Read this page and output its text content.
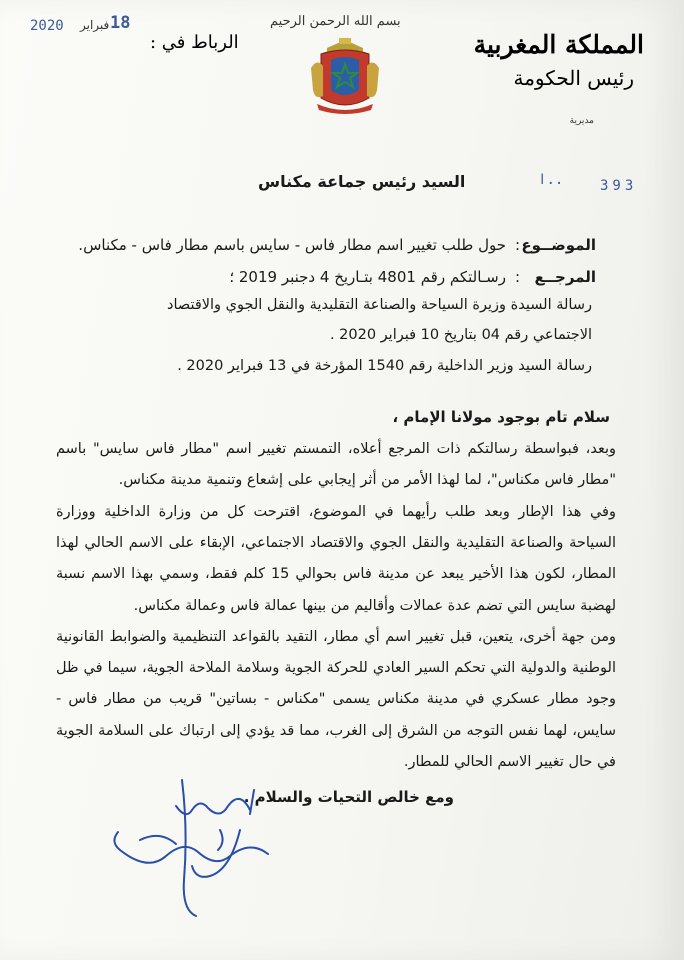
المملكة المغربية
رئيس الحكومة
مديرية
بسم الله الرحمن الرحيم
الرباط في :
18
فبراير
2020
السيد رئيس جماعة مكناس	ا..	393
الموضــوع
:
حول طلب تغيير اسم مطار فاس - سايس باسم مطار فاس - مكناس.
المرجــع
:
رسـالتكم رقم 4801 بتـاريخ 4 دجنبر 2019 ؛
رسالة السيدة وزيرة السياحة والصناعة التقليدية والنقل الجوي والاقتصاد
الاجتماعي رقم 04 بتاريخ 10 فبراير 2020 .
رسالة السيد وزير الداخلية رقم 1540 المؤرخة في 13 فبراير 2020 .
سلام تام بوجود مولانا الإمام ،
وبعد، فبواسطة رسالتكم ذات المرجع أعلاه، التمستم تغيير اسم "مطار فاس سايس" باسم "مطار فاس مكناس"، لما لهذا الأمر من أثر إيجابي على إشعاع وتنمية مدينة مكناس.
وفي هذا الإطار وبعد طلب رأيهما في الموضوع، اقترحت كل من وزارة الداخلية ووزارة السياحة والصناعة التقليدية والنقل الجوي والاقتصاد الاجتماعي، الإبقاء على الاسم الحالي لهذا المطار، لكون هذا الأخير يبعد عن مدينة فاس بحوالي 15 كلم فقط، وسمي بهذا الاسم نسبة لهضبة سايس التي تضم عدة عمالات وأقاليم من بينها عمالة فاس وعمالة مكناس.
ومن جهة أخرى، يتعين، قبل تغيير اسم أي مطار، التقيد بالقواعد التنظيمية والضوابط القانونية الوطنية والدولية التي تحكم السير العادي للحركة الجوية وسلامة الملاحة الجوية، سيما في ظل وجود مطار عسكري في مدينة مكناس يسمى "مكناس - بساتين" قريب من مطار فاس - سايس، لهما نفس التوجه من الشرق إلى الغرب، مما قد يؤدي إلى ارتباك على السلامة الجوية في حال تغيير الاسم الحالي للمطار.
ومع خالص التحيات والسلام .
